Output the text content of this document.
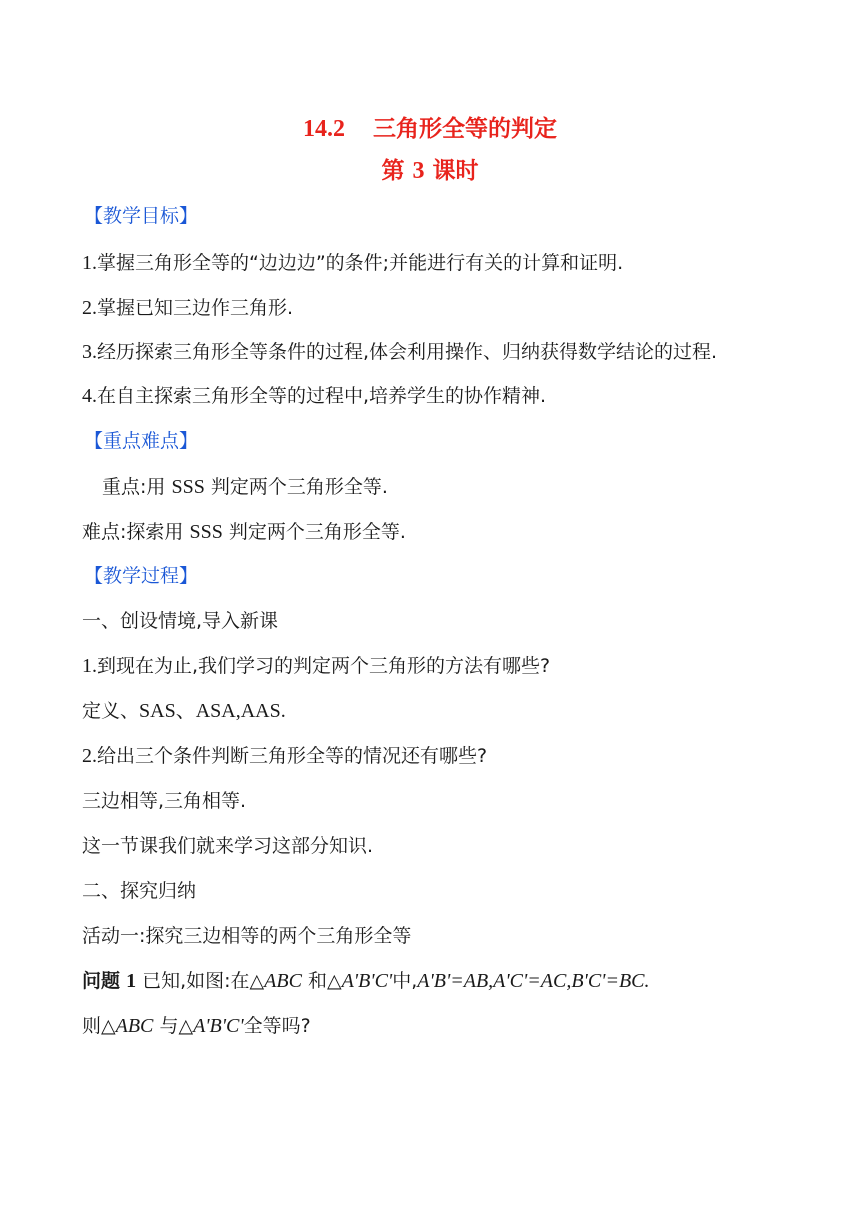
14.2 三角形全等的判定
第 3 课时
【教学目标】
1.掌握三角形全等的“边边边”的条件;并能进行有关的计算和证明.
2.掌握已知三边作三角形.
3.经历探索三角形全等条件的过程,体会利用操作、归纳获得数学结论的过程.
4.在自主探索三角形全等的过程中,培养学生的协作精神.
【重点难点】
重点:用 SSS 判定两个三角形全等.
难点:探索用 SSS 判定两个三角形全等.
【教学过程】
一、创设情境,导入新课
1.到现在为止,我们学习的判定两个三角形的方法有哪些?
定义、SAS、ASA,AAS.
2.给出三个条件判断三角形全等的情况还有哪些?
三边相等,三角相等.
这一节课我们就来学习这部分知识.
二、探究归纳
活动一:探究三边相等的两个三角形全等
问题 1 已知,如图:在△ABC 和△A'B'C'中,A'B'=AB,A'C'=AC,B'C'=BC.
则△ABC 与△A'B'C'全等吗?
